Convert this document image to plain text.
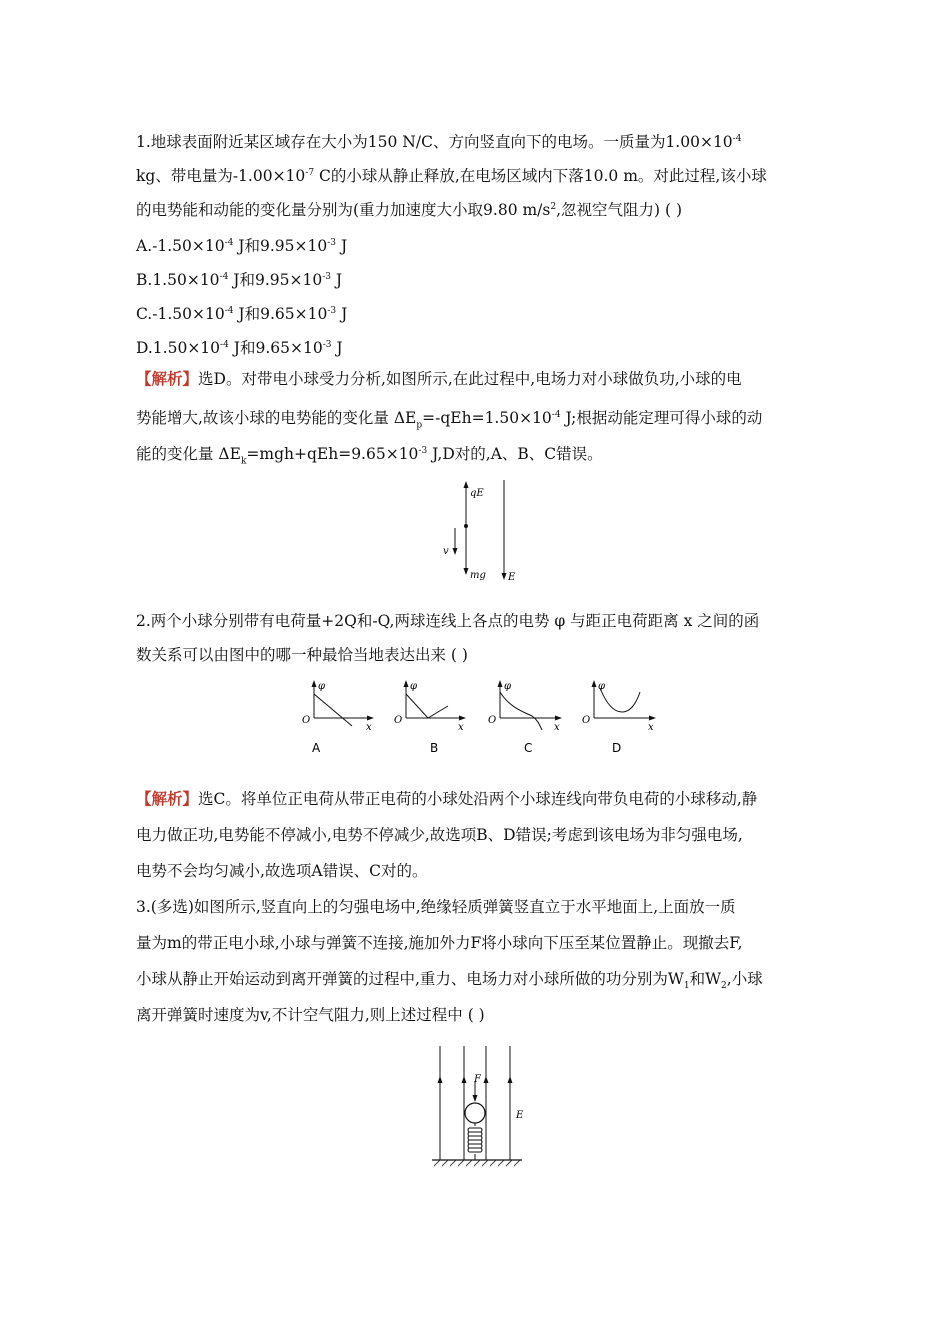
1.地球表面附近某区域存在大小为150 N/C、方向竖直向下的电场。一质量为$1.00\times 10^{-4}$
kg、带电量为$-1.00\times 10^{-7}$ C的小球从静止释放,在电场区域内下落10.0 m。对此过程,该小球
的电势能和动能的变化量分别为(重力加速度大小取9.80 $m/s^2$,忽视空气阻力) ( )
$A.-1.50\times 10^{-4}$ J和$9.95\times 10^{-3}$ J
$B.1.50\times 10^{-4}$ J和$9.95\times 10^{-3}$ J
$C.-1.50\times 10^{-4}$ J和$9.65\times 10^{-3}$ J
$D.1.50\times 10^{-4}$ J和$9.65\times 10^{-3}$ J
【解析】选D。对带电小球受力分析,如图所示,在此过程中,电场力对小球做负功,小球的电
势能增大,故该小球的电势能的变化量 $\Delta E_p=-qEh=1.50\times 10^{-4}$ J;根据动能定理可得小球的动
能的变化量 $\Delta E_k=mgh+qEh=9.65\times 10^{-3}$ J,D对的,A、B、C错误。
qE
v
mg E
2.两个小球分别带有电荷量+2Q和-Q,两球连线上各点的电势 φ 与距正电荷距离 x 之间的函
数关系可以由图中的哪一种最恰当地表达出来 ( )
φ
O
x
A
φ
O
x
B
φ
O
x
C
φ
O
x
D
【解析】选C。将单位正电荷从带正电荷的小球处沿两个小球连线向带负电荷的小球移动,静
电力做正功,电势能不停减小,电势不停减少,故选项B、D错误;考虑到该电场为非匀强电场,
电势不会均匀减小,故选项A错误、C对的。
3.(多选)如图所示,竖直向上的匀强电场中,绝缘轻质弹簧竖直立于水平地面上,上面放一质
量为m的带正电小球,小球与弹簧不连接,施加外力F将小球向下压至某位置静止。现撤去F,
小球从静止开始运动到离开弹簧的过程中,重力、电场力对小球所做的功分别为$W_1$和$W_2$,小球
离开弹簧时速度为v,不计空气阻力,则上述过程中 ( )
F
E
